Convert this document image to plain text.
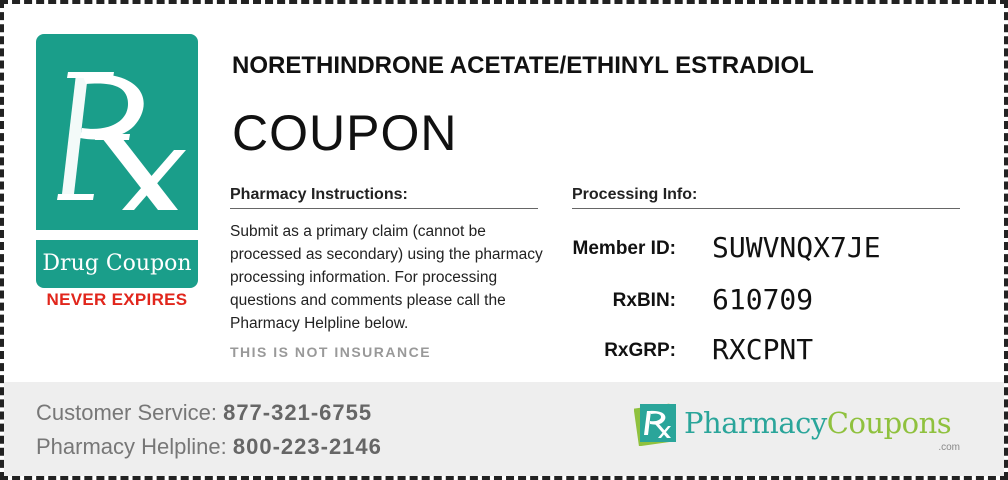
Drug Coupon
NEVER EXPIRES
NORETHINDRONE ACETATE/ETHINYL ESTRADIOL
COUPON
Pharmacy Instructions:	Processing Info:
Submit as a primary claim (cannot be processed as secondary) using the pharmacy processing information. For processing questions and comments please call the Pharmacy Helpline below.
THIS IS NOT INSURANCE
Member ID: SUWVNQX7JE
RxBIN: 610709
RxGRP: RXCPNT
Customer Service: 877-321-6755
Pharmacy Helpline: 800-223-2146
PharmacyCoupons
.com
